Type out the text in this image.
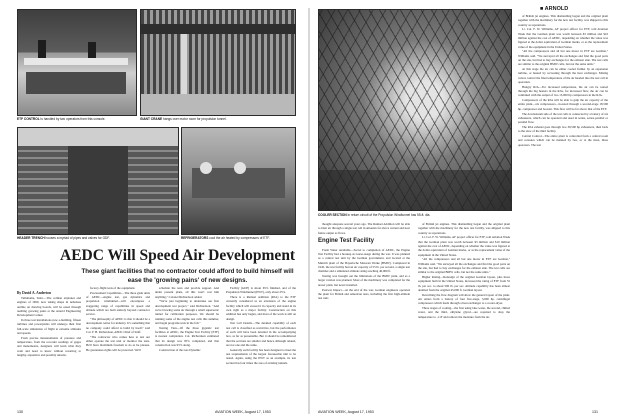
ETF CONTROL is handled by two operators from this console.	GIANT CRANE hangs over motor room for propulsion tunnel.
HEADER TRENCH houses a myriad of pipes and valves for GDF.	REFRIGERATORS cool the air heated by compressors of ETF.
AEDC Will Speed Air Development
These giant facilities that no contractor could afford to build himself will ease the 'growing pains' of new designs.
By David A. Anderton

Tullahoma, Tenn.—The combat airplanes and engines of 1960, now taking shape in nebulous outline on drawing boards, will be eased through teething growing pains at the Arnold Engineering Development Center.

In three test installations now a-building, fifteen turbines and powerplants will undergo their first full-scale simulation of flight at extreme altitudes and speeds.

From precise measurements of pressure and temperature, from the recorder readings of gages and manometers, designers will learn what they want and need to know without resorting to lengthy, expensive and possibly unsatis-

factory-flight tests of the equipment.

Procurement Capabilities—The three giant units of AEDC—engine test, gas dynamics and propulsion windtunnel—will encompass a staggering range of capabilities in speed and altitude which are built entirely beyond contractor service.

"The philosophy of AEDC is that it should be a development center for industry. It's something that no company could afford to build by itself," said Col. F. H. Richardson, AEDC Chief of Staff.

"The contractor who comes here to test our either operate the test unit or monitor the tests. He'll have maximum freedom to do as he pleases. He guarantees rights will be protected. We'll

schedule the tests and provide support. And under present plans, all this won't cost him anything," Colonel Richardson added.

"We're just beginning to undertake our first development test project," said Richardson. "And we're blowing some air through a small supersonic tunnel for calibration purposes. We should be running some of the engine test cells this summer, and begin programs tests in the fall."

Testing Tion—Of the three gigantic test facilities at AEDC, the Engine Test Facility (ETF) is nearest completion. Col. Richardson estimated that its design was 95% completed, and that construction was 95% along.

Construction of the Gas Dynamic

Facility (GDF) is about 65% finished, and of the Propulsion Windtunnel (PWT), only about 25%.

There is a Rumsel Addition (RJA) to the ETF currently considered as an extension of the engine facility which will exceed it in capacity and stand in its own right as a major facility. Construction on this addition has only begun, and most of the work is still on design.

Test Cell Details—The detailed capability of each test cell is classified as restrictive, but the performance of each will have been detailed in the accompanying box, as far as presentable. But it should be remembered that the sections are smaller and hence although related, are not one and the same.

Generally each facility has been designed to meet the test requirements of the largest foreseeable unit to be tested. Again, using the PWT as an example, its test section has four times the area of existing tunnels.

130	AVIATION WEEK, August 17, 1953
COOLER SECTION in return circuit of the Propulsion Windtunnel has 55-ft. dia.
■ ARNOLD

thought adequate several years ago. The Rumsel Addition will be able to blast air through a single test cell in amounts far above current and near future output as flows.

Engine Test Facility

Fresh Water Available—Secret to completion of AEDC, the Engine Test Facility had a hookup as Gorse-usage during the war. It was planned as a central test unit by the German government, and located at the Munich plant of the Bayerische Motoren Werke (BMW). Completed in 1945, the test facility had an air capacity of 55 lb. per second, a single test chamber and a simulated altitude rating reaching 40,000 ft.

Testing was brought out the limitations of the BMW plant, and as a larger version was planned. Most of the machinery was completed for the newer plant, but never installed.

Postwar Impact—At the end of the war, German engineers operated the plant for British and American tests, including the first high-altitude test runs

of British jet engines. This dismantling began and the original plant together with the machinery for the new test facility, was shipped to this country as reparations.

Lt. Col. F. W. Williams, AF project officer for ETF, told Aviation Week that the German plant was worth between $3 million and $10 million against the cost of AEDC, depending on whether the value was figured at the dollar equivalent of German marks, or as the replacement value of the equipment in the United States.

"All the compressors and all but one motor in ETF are German," Williams said. "We surveyed all the exchanges and find the good parts on the site, but had to buy exchanges for the exhaust side. The test cells are similar to the original BMW cells, but not the same units."

Higher Rating—Redesign of the original German layout, plus more equipment built in the United States, increased the rating of ETF from 55 lb. per sec. to about 500 lb. per sec. Altitude capability has been almost doubled from the original 45,000 ft. German layout.

Describing the flow diagram will show the general layout of the plant. Air enters from a battery of four five-stage, 3,000 hp. centrifugal compressors which feeds through a heat exchanger to a cooler-dryer.

Three stages of cooling—the first using lake water, the second, chilled water, and the third, ethylene glycol—are required to drop the temperature to -11F and remove the moisture from the air.

of British jet engines. This dismantling began and the original plant together with the machinery for the new test facility, was shipped to this country as reparations.

Lt. Col. F. W. Williams, AF project officer for ETF, told Aviation Week that the German plant was worth between $3 million and $10 million against the cost of AEDC, depending on whether the value was figured at the dollar equivalent of German marks, or as the replacement value of the equipment in the United States.

"All the compressors and all but one motor in ETF are German," Williams said. "We surveyed all the exchanges and find the good parts on the site, but had to buy exchanges for the exhaust side. The test cells are similar to the original BMW cells, but not the same units."

At this stage the air can be either cooled further by an expansion turbine, or heated by recreating through the heat exchanger. Mixing valves control the final temperature of the air headed into the test cell in operation.

Hungry RJA—For increased temperature, the air can be routed through the big heaters in the RJA, for increased flow, the air can be combined with the output of two 15,000 hp compressors in the RJA.

Compressors of the RJA will be able to gulp the air capacity of the entire plant—six compressors—boosted through a second-stage 18,500 hp. compressor and booster. This flow will be far above that of the ETF.

The downstream side of the test cells is connected by a battery of six exhausters, which can be operated and used in series, series-parallel or parallel flow.

The RJA exhaust goes through two 30,500 hp exhausters, then back to the slow of the third facility.

Central Control—The entire plant is controlled from a central room and consoles which can be manned by two, or at the most, three operators. The test

AVIATION WEEK, August 17, 1953	131
